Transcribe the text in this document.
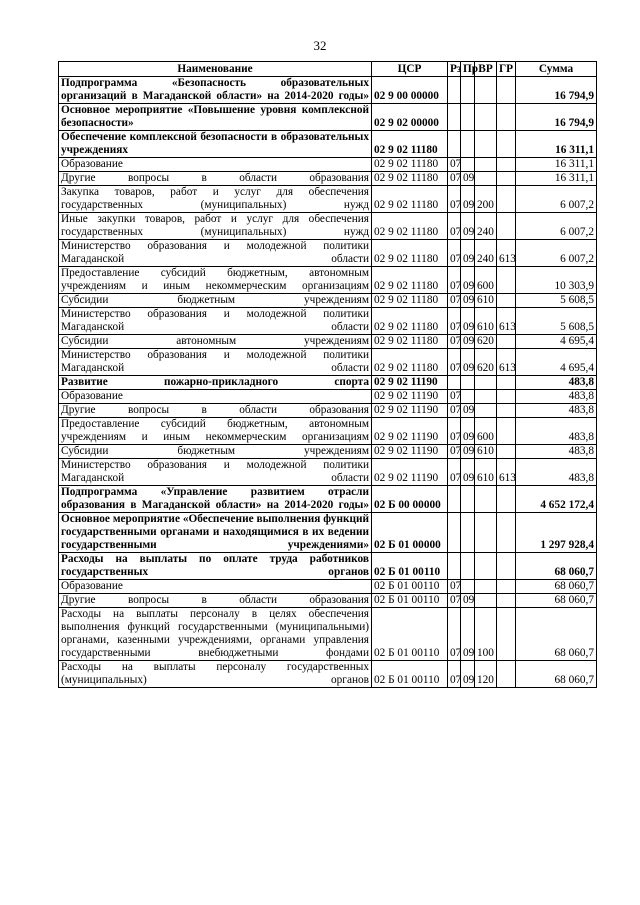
32
Наименование	ЦСР	Рз	Пр	ВР	ГР	Сумма
Подпрограмма «Безопасность образовательных организаций в Магаданской области» на 2014-2020 годы»	02 9 00 00000					16 794,9
Основное мероприятие «Повышение уровня комплексной безопасности»	02 9 02 00000					16 794,9
Обеспечение комплексной безопасности в образовательных учреждениях	02 9 02 11180					16 311,1
Образование	02 9 02 11180	07				16 311,1
Другие вопросы в области образования	02 9 02 11180	07	09			16 311,1
Закупка товаров, работ и услуг для обеспечения государственных (муниципальных) нужд	02 9 02 11180	07	09	200		6 007,2
Иные закупки товаров, работ и услуг для обеспечения государственных (муниципальных) нужд	02 9 02 11180	07	09	240		6 007,2
Министерство образования и молодежной политики Магаданской области	02 9 02 11180	07	09	240	613	6 007,2
Предоставление субсидий бюджетным, автономным учреждениям и иным некоммерческим организациям	02 9 02 11180	07	09	600		10 303,9
Субсидии бюджетным учреждениям	02 9 02 11180	07	09	610		5 608,5
Министерство образования и молодежной политики Магаданской области	02 9 02 11180	07	09	610	613	5 608,5
Субсидии автономным учреждениям	02 9 02 11180	07	09	620		4 695,4
Министерство образования и молодежной политики Магаданской области	02 9 02 11180	07	09	620	613	4 695,4
Развитие пожарно-прикладного спорта	02 9 02 11190					483,8
Образование	02 9 02 11190	07				483,8
Другие вопросы в области образования	02 9 02 11190	07	09			483,8
Предоставление субсидий бюджетным, автономным учреждениям и иным некоммерческим организациям	02 9 02 11190	07	09	600		483,8
Субсидии бюджетным учреждениям	02 9 02 11190	07	09	610		483,8
Министерство образования и молодежной политики Магаданской области	02 9 02 11190	07	09	610	613	483,8
Подпрограмма «Управление развитием отрасли образования в Магаданской области» на 2014-2020 годы»	02 Б 00 00000					4 652 172,4
Основное мероприятие «Обеспечение выполнения функций государственными органами и находящимися в их ведении государственными учреждениями»	02 Б 01 00000					1 297 928,4
Расходы на выплаты по оплате труда работников государственных органов	02 Б 01 00110					68 060,7
Образование	02 Б 01 00110	07				68 060,7
Другие вопросы в области образования	02 Б 01 00110	07	09			68 060,7
Расходы на выплаты персоналу в целях обеспечения выполнения функций государственными (муниципальными) органами, казенными учреждениями, органами управления государственными внебюджетными фондами	02 Б 01 00110	07	09	100		68 060,7
Расходы на выплаты персоналу государственных (муниципальных) органов	02 Б 01 00110	07	09	120		68 060,7
